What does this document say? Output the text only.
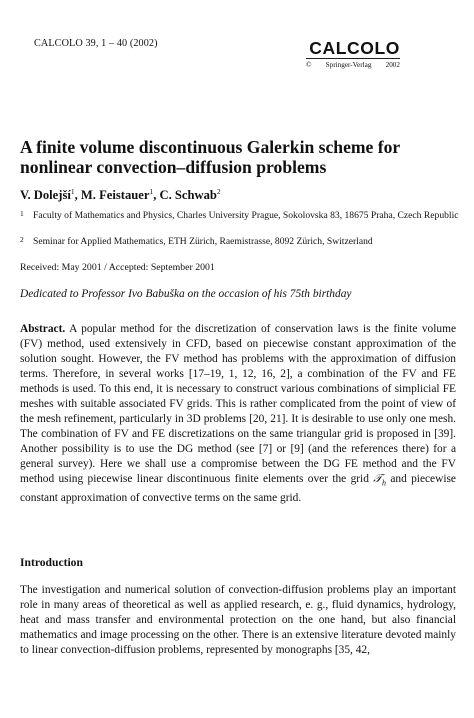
CALCOLO 39, 1 – 40 (2002)	CALCOLO
© Springer-Verlag 2002
A finite volume discontinuous Galerkin scheme for nonlinear convection–diffusion problems
V. Dolejší$^1$, M. Feistauer$^1$, C. Schwab$^2$
1 Faculty of Mathematics and Physics, Charles University Prague, Sokolovska 83, 18675 Praha, Czech Republic
2 Seminar for Applied Mathematics, ETH Zürich, Raemistrasse, 8092 Zürich, Switzerland
Received: May 2001 / Accepted: September 2001
Dedicated to Professor Ivo Babuška on the occasion of his 75th birthday
Abstract. A popular method for the discretization of conservation laws is the finite volume (FV) method, used extensively in CFD, based on piecewise constant approximation of the solution sought. However, the FV method has problems with the approximation of diffusion terms. Therefore, in several works [17–19, 1, 12, 16, 2], a combination of the FV and FE methods is used. To this end, it is necessary to construct various combinations of simplicial FE meshes with suitable associated FV grids. This is rather complicated from the point of view of the mesh refinement, particularly in 3D problems [20, 21]. It is desirable to use only one mesh. The combination of FV and FE discretizations on the same triangular grid is proposed in [39]. Another possibility is to use the DG method (see [7] or [9] (and the references there) for a general survey). Here we shall use a compromise between the DG FE method and the FV method using piecewise linear discontinuous finite elements over the grid 𝒯$_h$ and piecewise constant approximation of convective terms on the same grid.
Introduction
The investigation and numerical solution of convection-diffusion problems play an important role in many areas of theoretical as well as applied research, e. g., fluid dynamics, hydrology, heat and mass transfer and environmental protection on the one hand, but also financial mathematics and image processing on the other. There is an extensive literature devoted mainly to linear convection-diffusion problems, represented by monographs [35, 42,
